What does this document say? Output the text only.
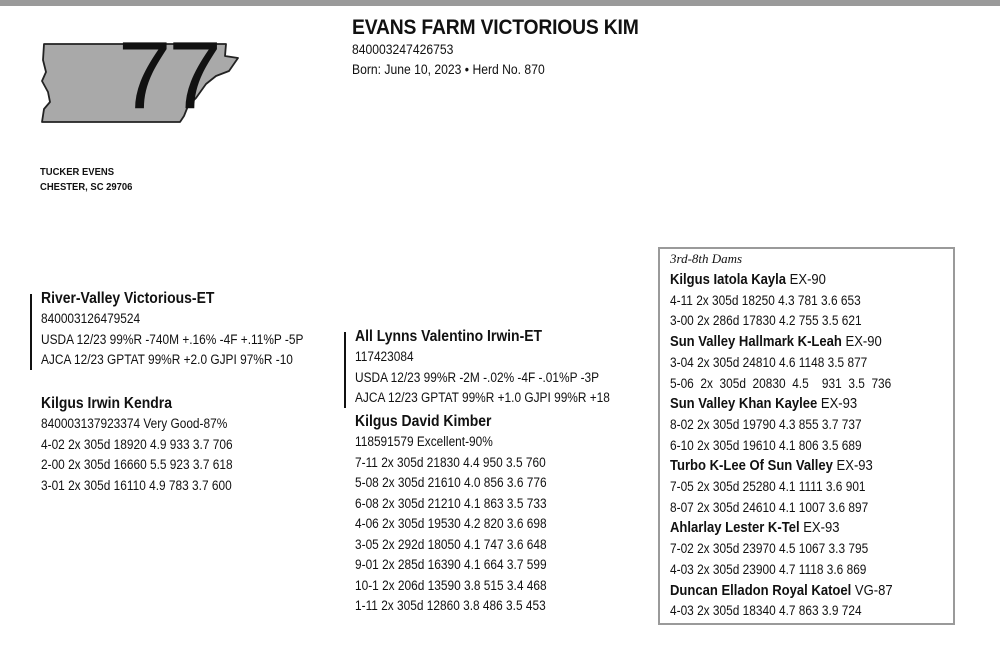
77	EVANS FARM VICTORIOUS KIM
840003247426753
Born: June 10, 2023 • Herd No. 870
TUCKER EVENS
CHESTER, SC 29706
River-Valley Victorious-ET
840003126479524
USDA 12/23 99%R -740M +.16% -4F +.11%P -5P
AJCA 12/23 GPTAT 99%R +2.0 GJPI 97%R -10
Kilgus Irwin Kendra
840003137923374 Very Good-87%
4-02 2x 305d 18920 4.9 933 3.7 706
2-00 2x 305d 16660 5.5 923 3.7 618
3-01 2x 305d 16110 4.9 783 3.7 600
All Lynns Valentino Irwin-ET
117423084
USDA 12/23 99%R -2M -.02% -4F -.01%P -3P
AJCA 12/23 GPTAT 99%R +1.0 GJPI 99%R +18
Kilgus David Kimber
118591579 Excellent-90%
7-11 2x 305d 21830 4.4 950 3.5 760
5-08 2x 305d 21610 4.0 856 3.6 776
6-08 2x 305d 21210 4.1 863 3.5 733
4-06 2x 305d 19530 4.2 820 3.6 698
3-05 2x 292d 18050 4.1 747 3.6 648
9-01 2x 285d 16390 4.1 664 3.7 599
10-1 2x 206d 13590 3.8 515 3.4 468
1-11 2x 305d 12860 3.8 486 3.5 453
3rd-8th Dams
Kilgus Iatola Kayla EX-90
4-11 2x 305d 18250 4.3 781 3.6 653
3-00 2x 286d 17830 4.2 755 3.5 621
Sun Valley Hallmark K-Leah EX-90
3-04 2x 305d 24810 4.6 1148 3.5 877
5-06  2x  305d  20830  4.5    931  3.5  736
Sun Valley Khan Kaylee EX-93
8-02 2x 305d 19790 4.3 855 3.7 737
6-10 2x 305d 19610 4.1 806 3.5 689
Turbo K-Lee Of Sun Valley EX-93
7-05 2x 305d 25280 4.1 1111 3.6 901
8-07 2x 305d 24610 4.1 1007 3.6 897
Ahlarlay Lester K-Tel EX-93
7-02 2x 305d 23970 4.5 1067 3.3 795
4-03 2x 305d 23900 4.7 1118 3.6 869
Duncan Elladon Royal Katoel VG-87
4-03 2x 305d 18340 4.7 863 3.9 724
